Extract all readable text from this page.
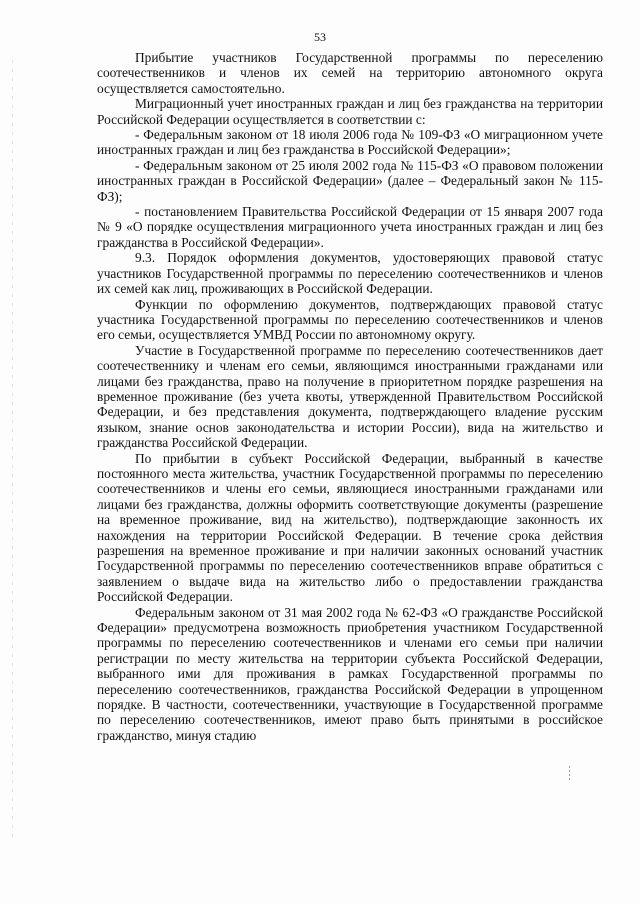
53

Прибытие участников Государственной программы по переселению соотечественников и членов их семей на территорию автономного округа осуществляется самостоятельно.

Миграционный учет иностранных граждан и лиц без гражданства на территории Российской Федерации осуществляется в соответствии с:

- Федеральным законом от 18 июля 2006 года № 109-ФЗ «О миграционном учете иностранных граждан и лиц без гражданства в Российской Федерации»;

- Федеральным законом от 25 июля 2002 года № 115-ФЗ «О правовом положении иностранных граждан в Российской Федерации» (далее – Федеральный закон № 115-ФЗ);

- постановлением Правительства Российской Федерации от 15 января 2007 года № 9 «О порядке осуществления миграционного учета иностранных граждан и лиц без гражданства в Российской Федерации».

9.3. Порядок оформления документов, удостоверяющих правовой статус участников Государственной программы по переселению соотечественников и членов их семей как лиц, проживающих в Российской Федерации.

Функции по оформлению документов, подтверждающих правовой статус участника Государственной программы по переселению соотечественников и членов его семьи, осуществляется УМВД России по автономному округу.

Участие в Государственной программе по переселению соотечественников дает соотечественнику и членам его семьи, являющимся иностранными гражданами или лицами без гражданства, право на получение в приоритетном порядке разрешения на временное проживание (без учета квоты, утвержденной Правительством Российской Федерации, и без представления документа, подтверждающего владение русским языком, знание основ законодательства и истории России), вида на жительство и гражданства Российской Федерации.

По прибытии в субъект Российской Федерации, выбранный в качестве постоянного места жительства, участник Государственной программы по переселению соотечественников и члены его семьи, являющиеся иностранными гражданами или лицами без гражданства, должны оформить соответствующие документы (разрешение на временное проживание, вид на жительство), подтверждающие законность их нахождения на территории Российской Федерации. В течение срока действия разрешения на временное проживание и при наличии законных оснований участник Государственной программы по переселению соотечественников вправе обратиться с заявлением о выдаче вида на жительство либо о предоставлении гражданства Российской Федерации.

Федеральным законом от 31 мая 2002 года № 62-ФЗ «О гражданстве Российской Федерации» предусмотрена возможность приобретения участником Государственной программы по переселению соотечественников и членами его семьи при наличии регистрации по месту жительства на территории субъекта Российской Федерации, выбранного ими для проживания в рамках Государственной программы по переселению соотечественников, гражданства Российской Федерации в упрощенном порядке. В частности, соотечественники, участвующие в Государственной программе по переселению соотечественников, имеют право быть принятыми в российское гражданство, минуя стадию
